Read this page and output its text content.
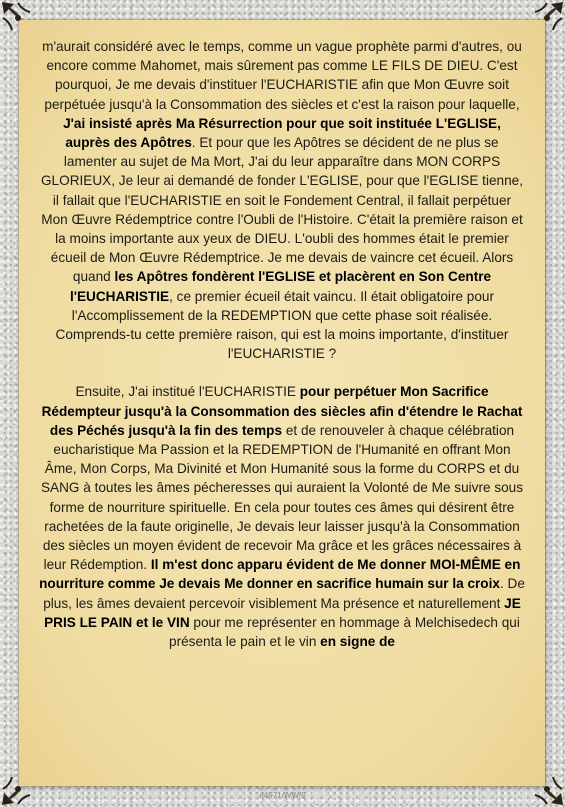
m'aurait considéré avec le temps, comme un vague prophète parmi d'autres, ou encore comme Mahomet, mais sûrement pas comme LE FILS DE DIEU. C'est pourquoi, Je me devais d'instituer l'EUCHARISTIE afin que Mon Œuvre soit perpétuée jusqu'à la Consommation des siècles et c'est la raison pour laquelle, J'ai insisté après Ma Résurrection pour que soit instituée L'EGLISE, auprès des Apôtres. Et pour que les Apôtres se décident de ne plus se lamenter au sujet de Ma Mort, J'ai du leur apparaître dans MON CORPS GLORIEUX, Je leur ai demandé de fonder L'EGLISE, pour que l'EGLISE tienne, il fallait que l'EUCHARISTIE en soit le Fondement Central, il fallait perpétuer Mon Œuvre Rédemptrice contre l'Oubli de l'Histoire. C'était la première raison et la moins importante aux yeux de DIEU. L'oubli des hommes était le premier écueil de Mon Œuvre Rédemptrice. Je me devais de vaincre cet écueil. Alors quand les Apôtres fondèrent l'EGLISE et placèrent en Son Centre l'EUCHARISTIE, ce premier écueil était vaincu. Il était obligatoire pour l'Accomplissement de la REDEMPTION que cette phase soit réalisée. Comprends-tu cette première raison, qui est la moins importante, d'instituer l'EUCHARISTIE ?

Ensuite, J'ai institué l'EUCHARISTIE pour perpétuer Mon Sacrifice Rédempteur jusqu'à la Consommation des siècles afin d'étendre le Rachat des Péchés jusqu'à la fin des temps et de renouveler à chaque célébration eucharistique Ma Passion et la REDEMPTION de l'Humanité en offrant Mon Âme, Mon Corps, Ma Divinité et Mon Humanité sous la forme du CORPS et du SANG à toutes les âmes pécheresses qui auraient la Volonté de Me suivre sous forme de nourriture spirituelle. En cela pour toutes ces âmes qui désirent être rachetées de la faute originelle, Je devais leur laisser jusqu'à la Consommation des siècles un moyen évident de recevoir Ma grâce et les grâces nécessaires à leur Rédemption. Il m'est donc apparu évident de Me donner MOI-MÊME en nourriture comme Je devais Me donner en sacrifice humain sur la croix. De plus, les âmes devaient percevoir visiblement Ma présence et naturellement JE PRIS LE PAIN et le VIN pour me représenter en hommage à Melchisedech qui présenta le pain et le vin en signe de

64971/WW/5
